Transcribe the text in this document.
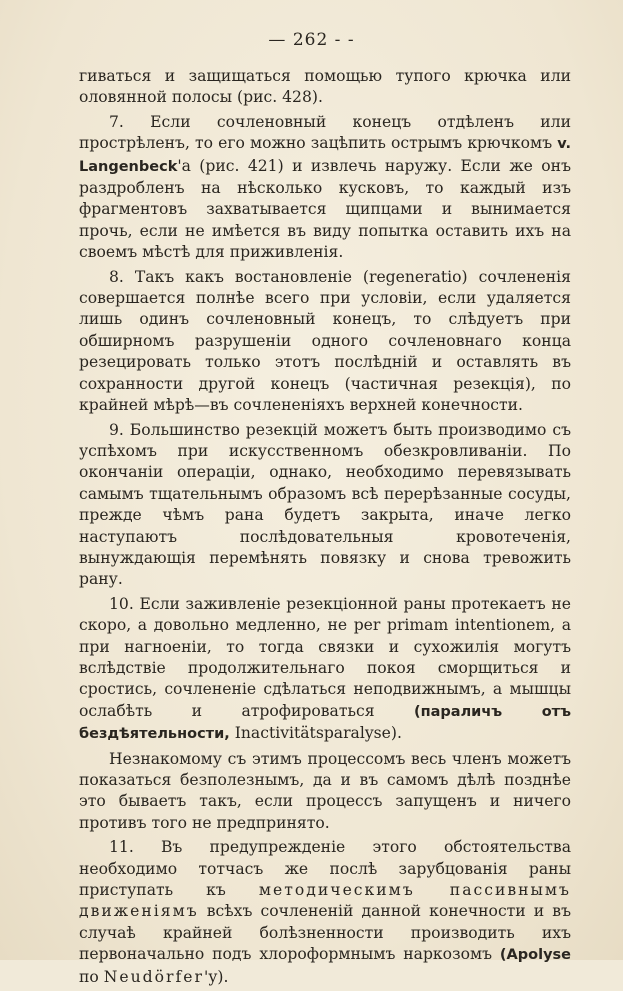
— 262 - -

гиваться и защищаться помощью тупого крючка или оловянной полосы (рис. 428).

7. Если сочленовный конецъ отдѣленъ или прострѣленъ, то его можно зацѣпить острымъ крючкомъ v. Langenbeck'а (рис. 421) и извлечь наружу. Если же онъ раздробленъ на нѣсколько кусковъ, то каждый изъ фрагментовъ захватывается щипцами и вынимается прочь, если не имѣется въ виду попытка оставить ихъ на своемъ мѣстѣ для приживленія.

8. Такъ какъ востановленіе (regeneratio) сочлененія совершается полнѣе всего при условіи, если удаляется лишь одинъ сочленовный конецъ, то слѣдуетъ при обширномъ разрушеніи одного сочленовнаго конца резецировать только этотъ послѣдній и оставлять въ сохранности другой конецъ (частичная резекція), по крайней мѣрѣ—въ сочлененіяхъ верхней конечности.

9. Большинство резекцій можетъ быть производимо съ успѣхомъ при искусственномъ обезкровливаніи. По окончаніи операціи, однако, необходимо перевязывать самымъ тщательнымъ образомъ всѣ перерѣзанные сосуды, прежде чѣмъ рана будетъ закрыта, иначе легко наступаютъ послѣдовательныя кровотеченія, вынуждающія перемѣнять повязку и снова тревожить рану.

10. Если заживленіе резекціонной раны протекаетъ не скоро, а довольно медленно, не per primam intentionem, а при нагноеніи, то тогда связки и сухожилія могутъ вслѣдствіе продолжительнаго покоя сморщиться и сростись, сочлененіе сдѣлаться неподвижнымъ, а мышцы ослабѣть и атрофироваться (параличъ отъ бездѣятельности, Inactivitätsparalyse).

Незнакомому съ этимъ процессомъ весь членъ можетъ показаться безполезнымъ, да и въ самомъ дѣлѣ позднѣе это бываетъ такъ, если процессъ запущенъ и ничего противъ того не предпринято.

11. Въ предупрежденіе этого обстоятельства необходимо тотчасъ же послѣ зарубцованія раны приступать къ методическимъ пассивнымъ движеніямъ всѣхъ сочлененій данной конечности и въ случаѣ крайней болѣзненности производить ихъ первоначально подъ хлороформнымъ наркозомъ (Apolyse по Neudörfer'у).
